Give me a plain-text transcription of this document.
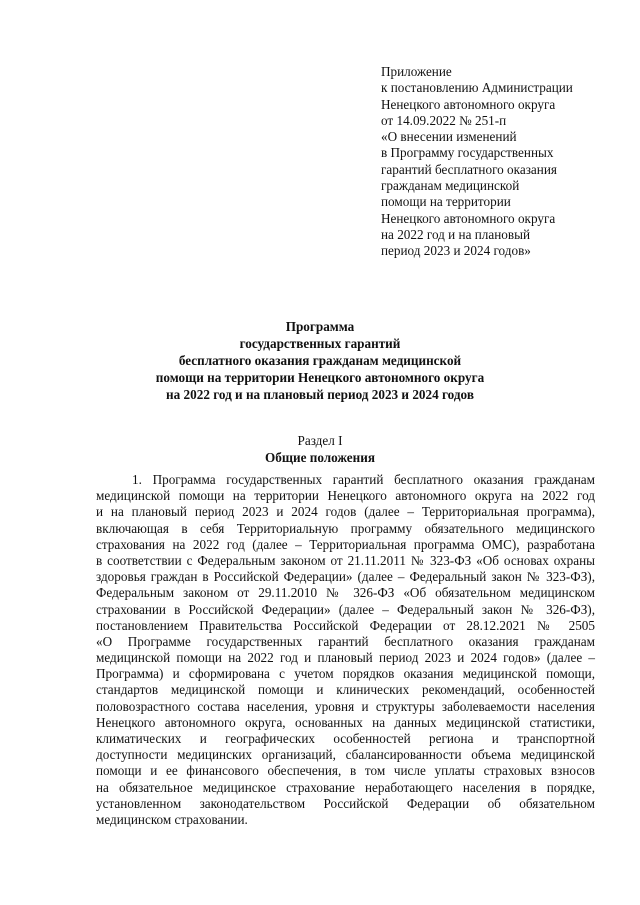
Приложение
к постановлению Администрации
Ненецкого автономного округа
от 14.09.2022 № 251-п
«О внесении изменений
в Программу государственных
гарантий бесплатного оказания
гражданам медицинской
помощи на территории
Ненецкого автономного округа
на 2022 год и на плановый
период 2023 и 2024 годов»
Программа
государственных гарантий
бесплатного оказания гражданам медицинской
помощи на территории Ненецкого автономного округа
на 2022 год и на плановый период 2023 и 2024 годов
Раздел I
Общие положения
1. Программа государственных гарантий бесплатного оказания гражданам
медицинской помощи на территории Ненецкого автономного округа на 2022 год
и на плановый период 2023 и 2024 годов (далее – Территориальная программа),
включающая в себя Территориальную программу обязательного медицинского
страхования на 2022 год (далее – Территориальная программа ОМС), разработана
в соответствии с Федеральным законом от 21.11.2011 № 323-ФЗ «Об основах охраны
здоровья граждан в Российской Федерации» (далее – Федеральный закон № 323-ФЗ),
Федеральным законом от 29.11.2010 № 326-ФЗ «Об обязательном медицинском
страховании в Российской Федерации» (далее – Федеральный закон № 326-ФЗ),
постановлением Правительства Российской Федерации от 28.12.2021 № 2505
«О Программе государственных гарантий бесплатного оказания гражданам
медицинской помощи на 2022 год и плановый период 2023 и 2024 годов» (далее –
Программа) и сформирована с учетом порядков оказания медицинской помощи,
стандартов медицинской помощи и клинических рекомендаций, особенностей
половозрастного состава населения, уровня и структуры заболеваемости населения
Ненецкого автономного округа, основанных на данных медицинской статистики,
климатических и географических особенностей региона и транспортной
доступности медицинских организаций, сбалансированности объема медицинской
помощи и ее финансового обеспечения, в том числе уплаты страховых взносов
на обязательное медицинское страхование неработающего населения в порядке,
установленном законодательством Российской Федерации об обязательном
медицинском страховании.
